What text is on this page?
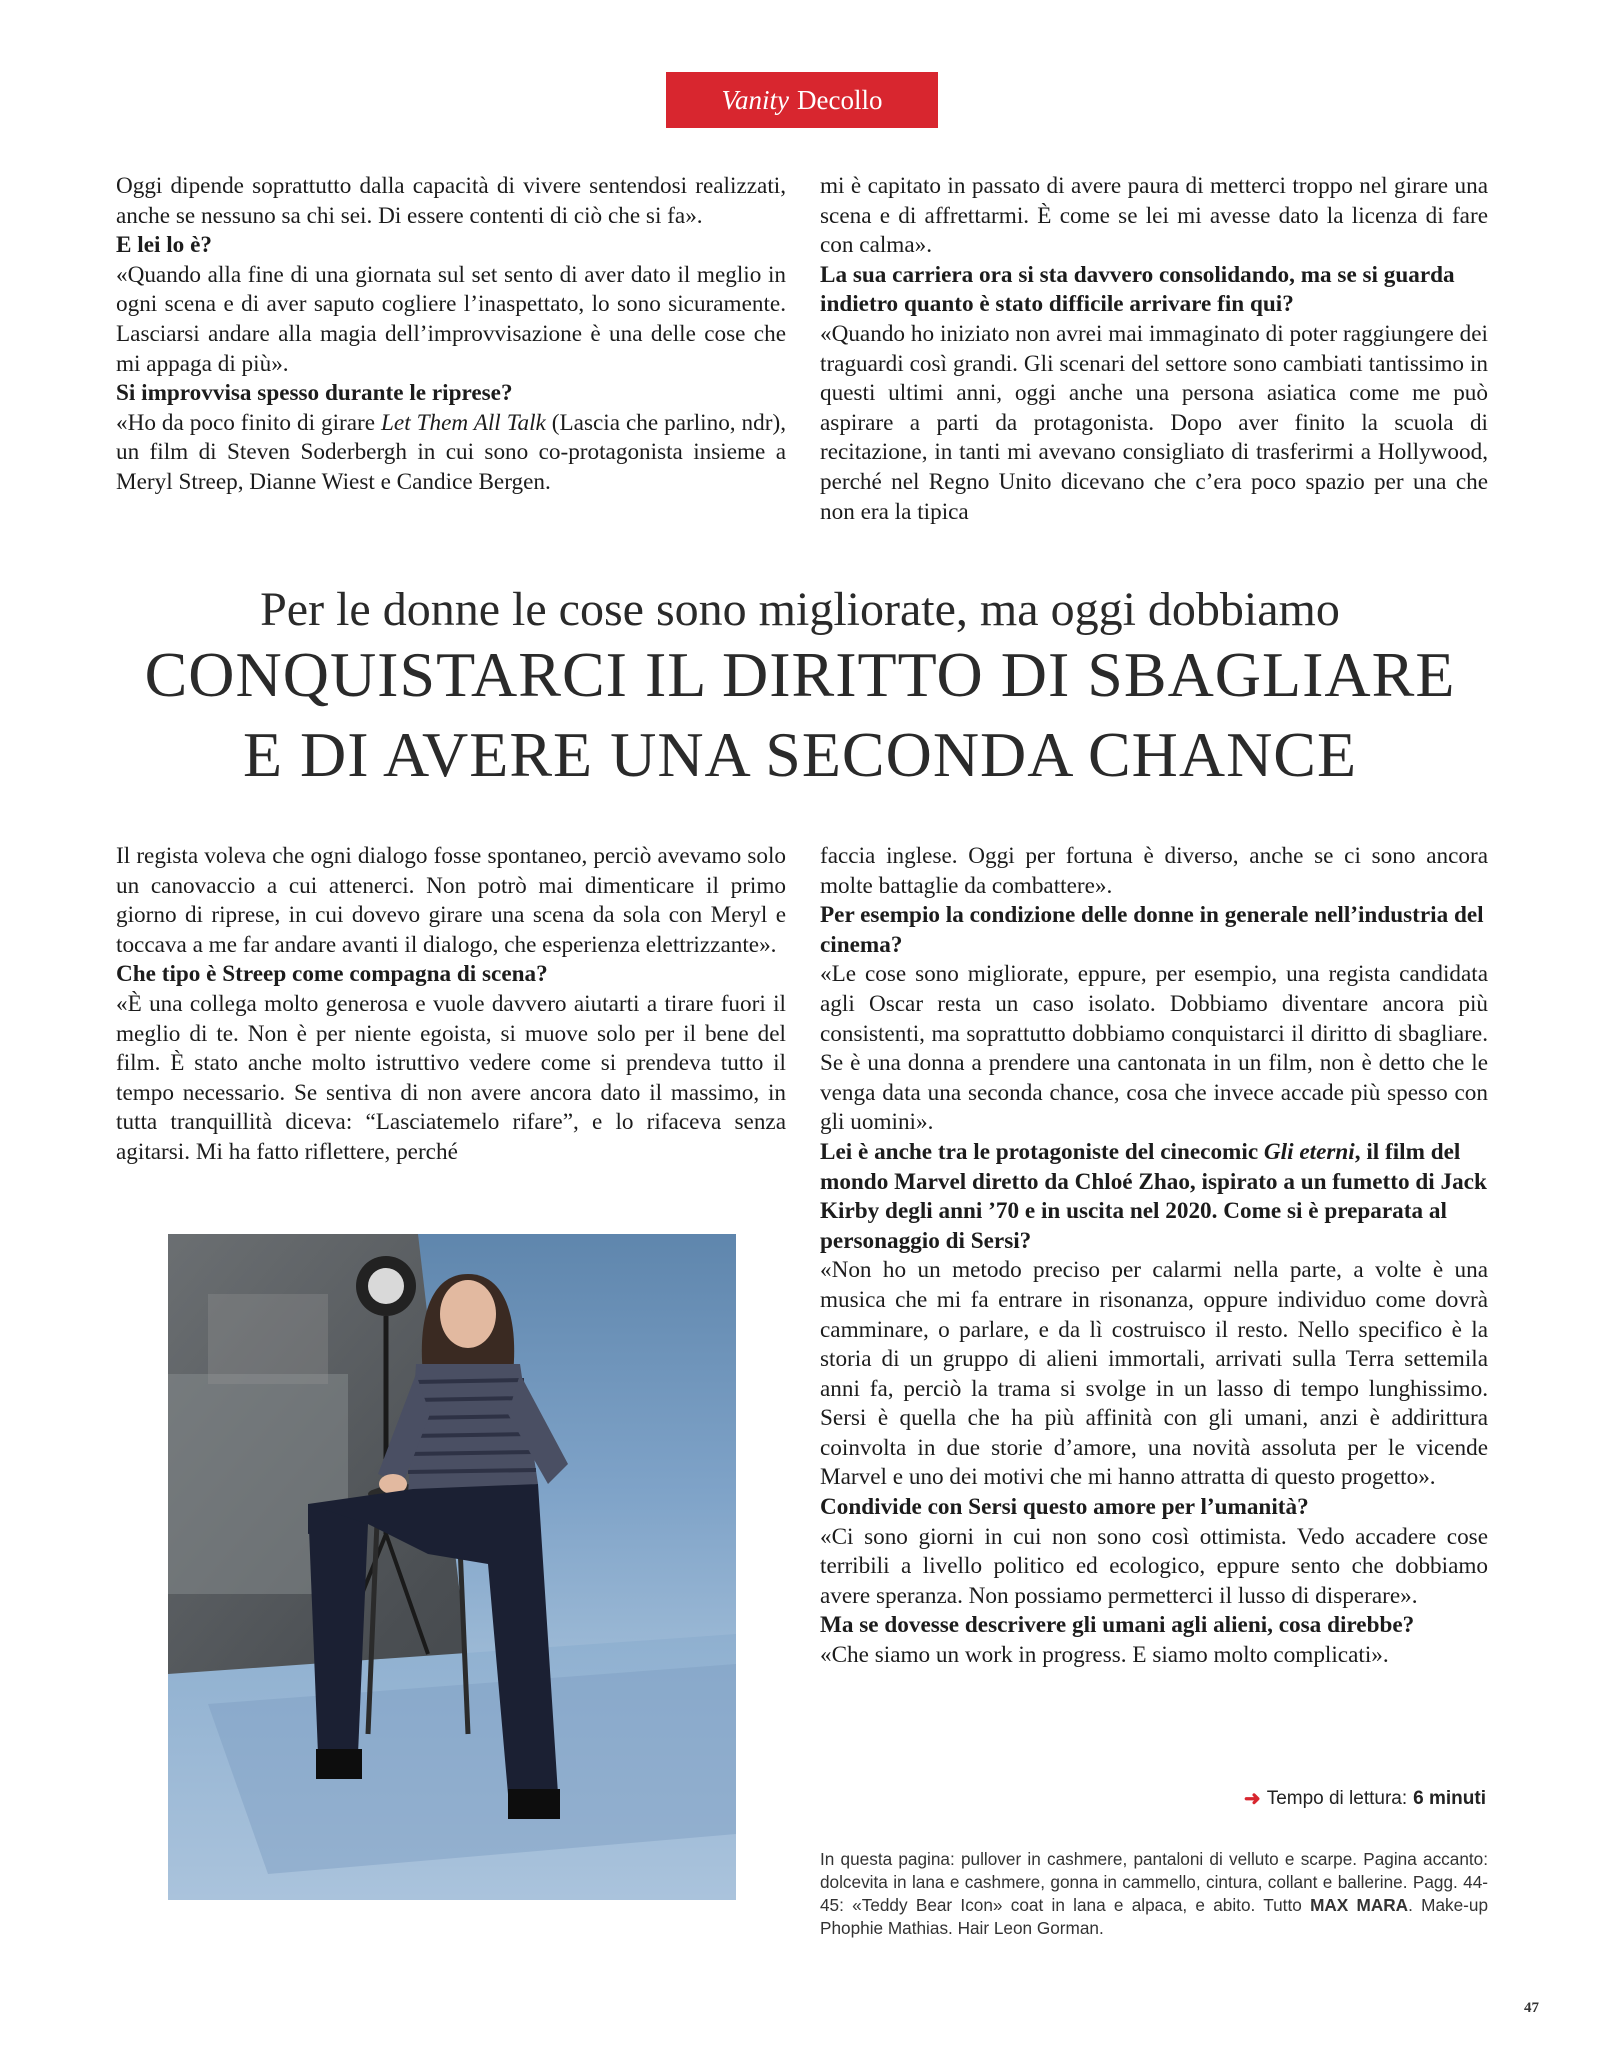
Vanity Decollo

Oggi dipende soprattutto dalla capacità di vivere sentendosi realizzati, anche se nessuno sa chi sei. Di essere contenti di ciò che si fa».

E lei lo è?

«Quando alla fine di una giornata sul set sento di aver dato il meglio in ogni scena e di aver saputo cogliere l’inaspettato, lo sono sicuramente. Lasciarsi andare alla magia dell’improvvisazione è una delle cose che mi appaga di più».

Si improvvisa spesso durante le riprese?

«Ho da poco finito di girare Let Them All Talk (Lascia che parlino, ndr), un film di Steven Soderbergh in cui sono co-protagonista insieme a Meryl Streep, Dianne Wiest e Candice Bergen.

mi è capitato in passato di avere paura di metterci troppo nel girare una scena e di affrettarmi. È come se lei mi avesse dato la licenza di fare con calma».

La sua carriera ora si sta davvero consolidando, ma se si guarda indietro quanto è stato difficile arrivare fin qui?

«Quando ho iniziato non avrei mai immaginato di poter raggiungere dei traguardi così grandi. Gli scenari del settore sono cambiati tantissimo in questi ultimi anni, oggi anche una persona asiatica come me può aspirare a parti da protagonista. Dopo aver finito la scuola di recitazione, in tanti mi avevano consigliato di trasferirmi a Hollywood, perché nel Regno Unito dicevano che c’era poco spazio per una che non era la tipica

Per le donne le cose sono migliorate, ma oggi dobbiamo
CONQUISTARCI IL DIRITTO DI SBAGLIARE
E DI AVERE UNA SECONDA CHANCE

Il regista voleva che ogni dialogo fosse spontaneo, perciò avevamo solo un canovaccio a cui attenerci. Non potrò mai dimenticare il primo giorno di riprese, in cui dovevo girare una scena da sola con Meryl e toccava a me far andare avanti il dialogo, che esperienza elettrizzante».

Che tipo è Streep come compagna di scena?

«È una collega molto generosa e vuole davvero aiutarti a tirare fuori il meglio di te. Non è per niente egoista, si muove solo per il bene del film. È stato anche molto istruttivo vedere come si prendeva tutto il tempo necessario. Se sentiva di non avere ancora dato il massimo, in tutta tranquillità diceva: “Lasciatemelo rifare”, e lo rifaceva senza agitarsi. Mi ha fatto riflettere, perché

faccia inglese. Oggi per fortuna è diverso, anche se ci sono ancora molte battaglie da combattere».

Per esempio la condizione delle donne in generale nell’industria del cinema?

«Le cose sono migliorate, eppure, per esempio, una regista candidata agli Oscar resta un caso isolato. Dobbiamo diventare ancora più consistenti, ma soprattutto dobbiamo conquistarci il diritto di sbagliare. Se è una donna a prendere una cantonata in un film, non è detto che le venga data una seconda chance, cosa che invece accade più spesso con gli uomini».

Lei è anche tra le protagoniste del cinecomic Gli eterni, il film del mondo Marvel diretto da Chloé Zhao, ispirato a un fumetto di Jack Kirby degli anni ’70 e in uscita nel 2020. Come si è preparata al personaggio di Sersi?

«Non ho un metodo preciso per calarmi nella parte, a volte è una musica che mi fa entrare in risonanza, oppure individuo come dovrà camminare, o parlare, e da lì costruisco il resto. Nello specifico è la storia di un gruppo di alieni immortali, arrivati sulla Terra settemila anni fa, perciò la trama si svolge in un lasso di tempo lunghissimo. Sersi è quella che ha più affinità con gli umani, anzi è addirittura coinvolta in due storie d’amore, una novità assoluta per le vicende Marvel e uno dei motivi che mi hanno attratta di questo progetto».

Condivide con Sersi questo amore per l’umanità?

«Ci sono giorni in cui non sono così ottimista. Vedo accadere cose terribili a livello politico ed ecologico, eppure sento che dobbiamo avere speranza. Non possiamo permetterci il lusso di disperare».

Ma se dovesse descrivere gli umani agli alieni, cosa direbbe?

«Che siamo un work in progress. E siamo molto complicati».

➜ Tempo di lettura: 6 minuti
In questa pagina: pullover in cashmere, pantaloni di velluto e scarpe. Pagina accanto: dolcevita in lana e cashmere, gonna in cammello, cintura, collant e ballerine. Pagg. 44-45: «Teddy Bear Icon» coat in lana e alpaca, e abito. Tutto MAX MARA. Make-up Phophie Mathias. Hair Leon Gorman.
47
